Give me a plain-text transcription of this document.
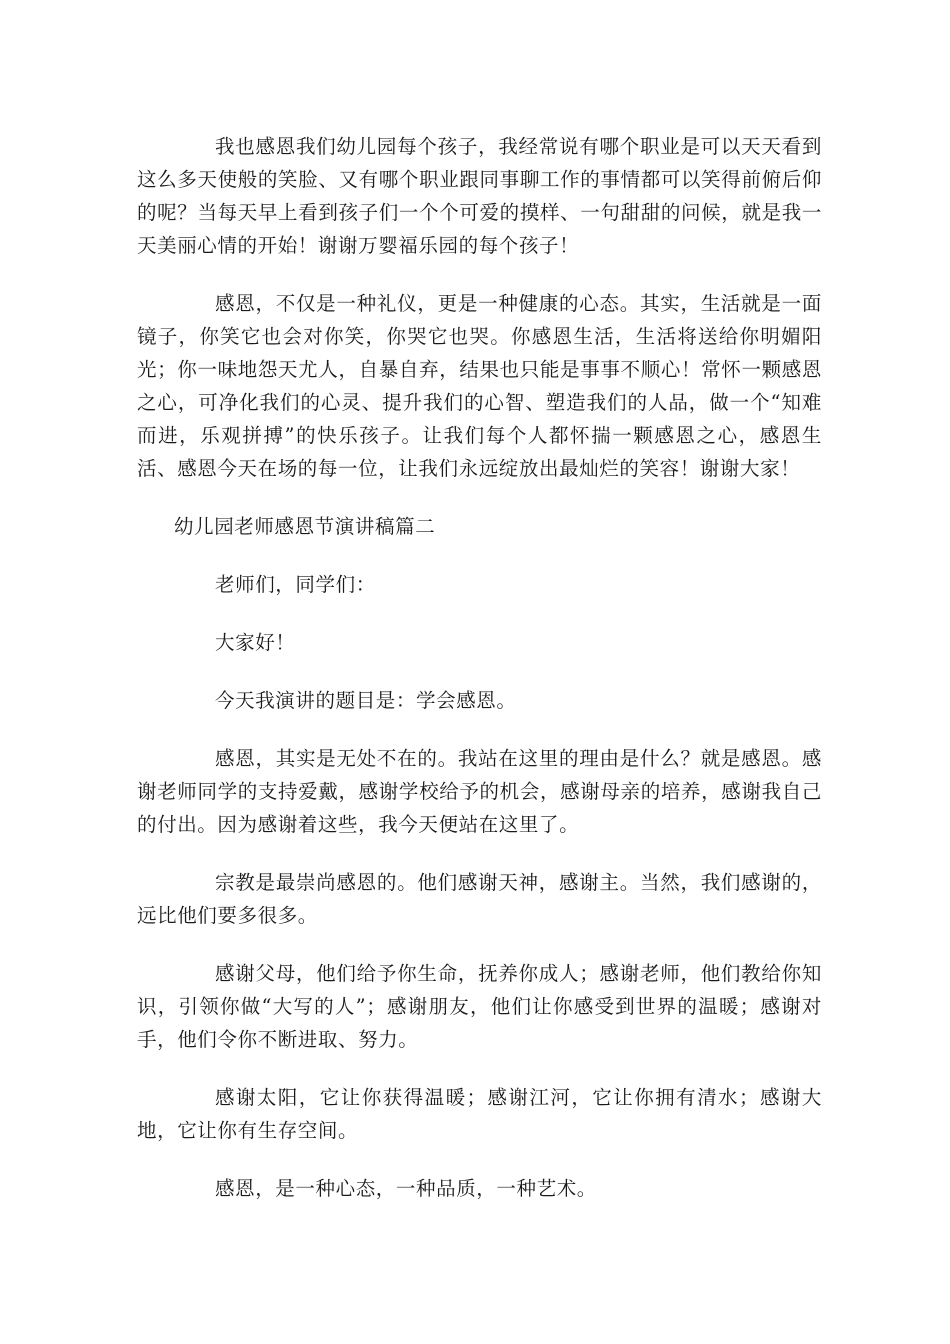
我也感恩我们幼儿园每个孩子，我经常说有哪个职业是可以天天看到这么多天使般的笑脸、又有哪个职业跟同事聊工作的事情都可以笑得前俯后仰的呢？当每天早上看到孩子们一个个可爱的摸样、一句甜甜的问候，就是我一天美丽心情的开始！谢谢万婴福乐园的每个孩子！

感恩，不仅是一种礼仪，更是一种健康的心态。其实，生活就是一面镜子，你笑它也会对你笑，你哭它也哭。你感恩生活，生活将送给你明媚阳光；你一味地怨天尤人，自暴自弃，结果也只能是事事不顺心！常怀一颗感恩之心，可净化我们的心灵、提升我们的心智、塑造我们的人品，做一个“知难而进，乐观拼搏”的快乐孩子。让我们每个人都怀揣一颗感恩之心，感恩生活、感恩今天在场的每一位，让我们永远绽放出最灿烂的笑容！谢谢大家！

幼儿园老师感恩节演讲稿篇二

老师们，同学们：

大家好！

今天我演讲的题目是：学会感恩。

感恩，其实是无处不在的。我站在这里的理由是什么？就是感恩。感谢老师同学的支持爱戴，感谢学校给予的机会，感谢母亲的培养，感谢我自己的付出。因为感谢着这些，我今天便站在这里了。

宗教是最崇尚感恩的。他们感谢天神，感谢主。当然，我们感谢的，远比他们要多很多。

感谢父母，他们给予你生命，抚养你成人；感谢老师，他们教给你知识，引领你做“大写的人”；感谢朋友，他们让你感受到世界的温暖；感谢对手，他们令你不断进取、努力。

感谢太阳，它让你获得温暖；感谢江河，它让你拥有清水；感谢大地，它让你有生存空间。

感恩，是一种心态，一种品质，一种艺术。
